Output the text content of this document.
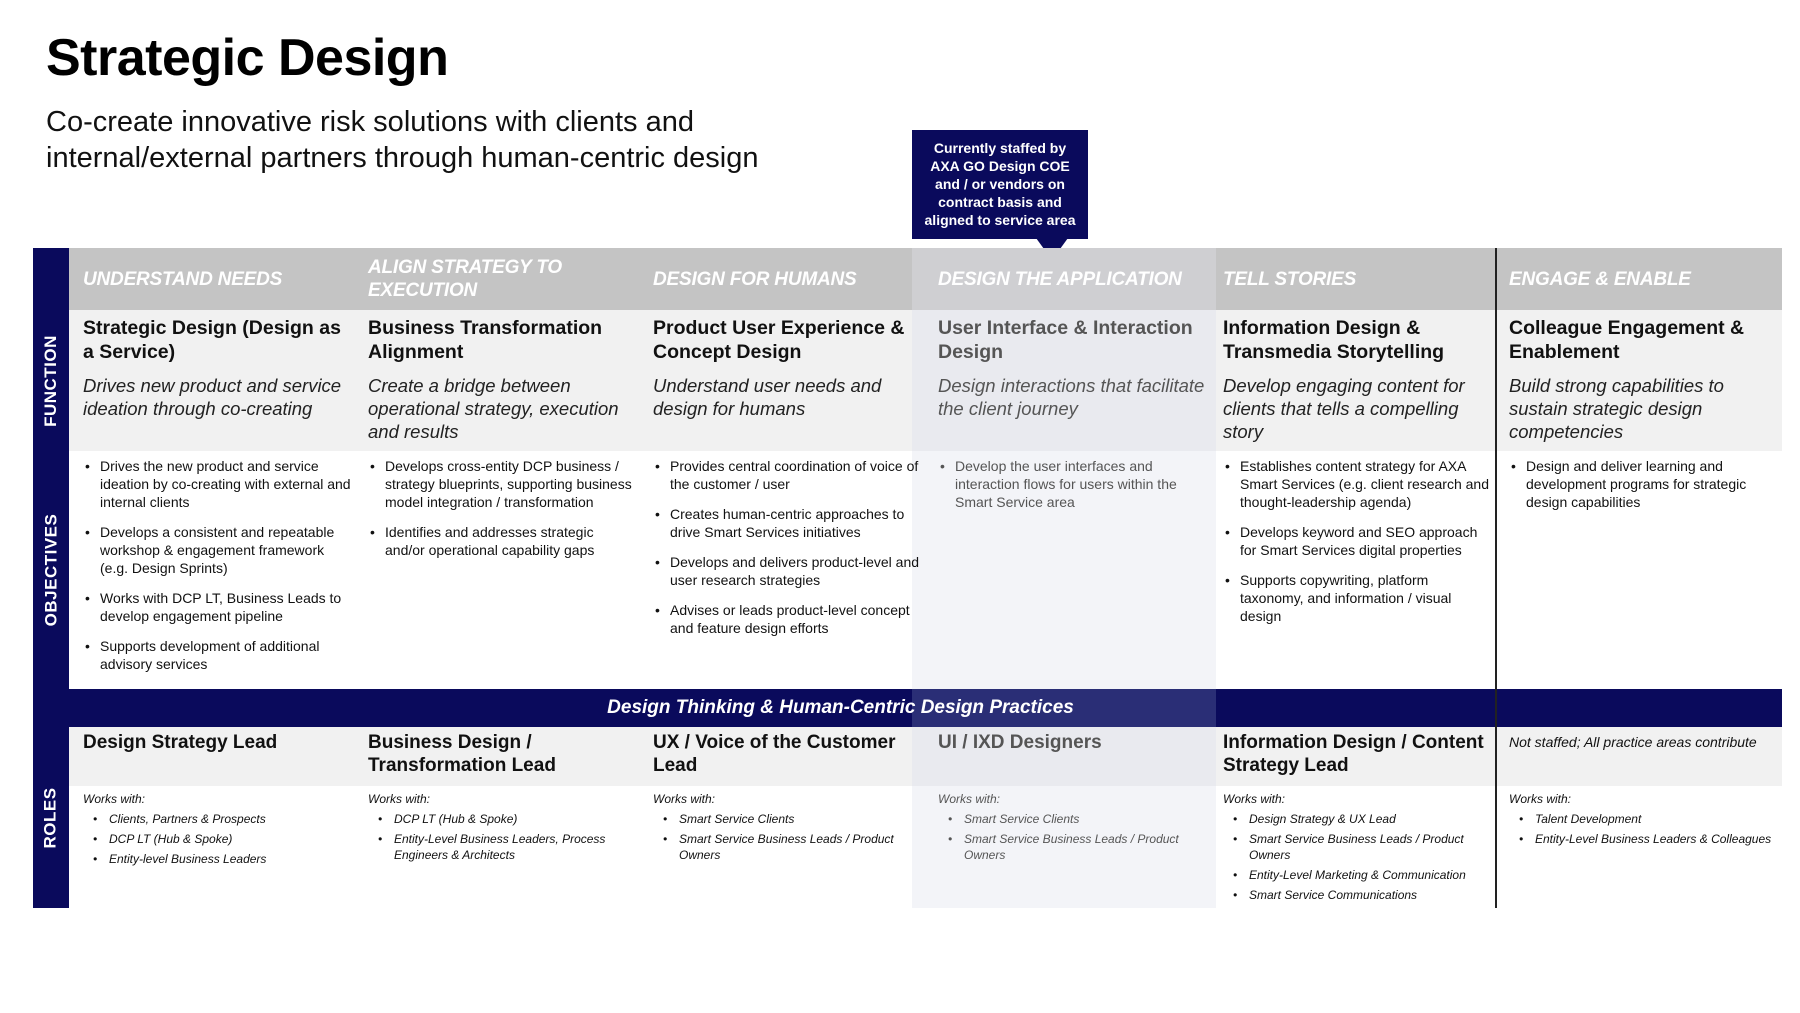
Strategic Design

Co-create innovative risk solutions with clients and internal/external partners through human-centric design	Currently staffed by AXA GO Design COE and / or vendors on contract basis and aligned to service area
Design Thinking & Human-Centric Design Practices
FUNCTION
OBJECTIVES
ROLES
UNDERSTAND NEEDS
Strategic Design (Design as a Service)
Drives new product and service ideation through co-creating
• Drives the new product and service ideation by co-creating with external and internal clients
• Develops a consistent and repeatable workshop & engagement framework (e.g. Design Sprints)
• Works with DCP LT, Business Leads to develop engagement pipeline
• Supports development of additional advisory services
Design Strategy Lead
Works with:
• Clients, Partners & Prospects
• DCP LT (Hub & Spoke)
• Entity-level Business Leaders
ALIGN STRATEGY TO EXECUTION
Business Transformation Alignment
Create a bridge between operational strategy, execution and results
• Develops cross-entity DCP business / strategy blueprints, supporting business model integration / transformation
• Identifies and addresses strategic and/or operational capability gaps
Business Design / Transformation Lead
Works with:
• DCP LT (Hub & Spoke)
• Entity-Level Business Leaders, Process Engineers & Architects
DESIGN FOR HUMANS
Product User Experience & Concept Design
Understand user needs and design for humans
• Provides central coordination of voice of the customer / user
• Creates human-centric approaches to drive Smart Services initiatives
• Develops and delivers product-level and user research strategies
• Advises or leads product-level concept and feature design efforts
UX / Voice of the Customer Lead
Works with:
• Smart Service Clients
• Smart Service Business Leads / Product Owners
DESIGN THE APPLICATION
User Interface & Interaction Design
Design interactions that facilitate the client journey
• Develop the user interfaces and interaction flows for users within the Smart Service area
UI / IXD Designers
Works with:
• Smart Service Clients
• Smart Service Business Leads / Product Owners
TELL STORIES
Information Design & Transmedia Storytelling
Develop engaging content for clients that tells a compelling story
• Establishes content strategy for AXA Smart Services (e.g. client research and thought-leadership agenda)
• Develops keyword and SEO approach for Smart Services digital properties
• Supports copywriting, platform taxonomy, and information / visual design
Information Design / Content Strategy Lead
Works with:
• Design Strategy & UX Lead
• Smart Service Business Leads / Product Owners
• Entity-Level Marketing & Communication
• Smart Service Communications
ENGAGE & ENABLE
Colleague Engagement & Enablement
Build strong capabilities to sustain strategic design competencies
• Design and deliver learning and development programs for strategic design capabilities
Not staffed; All practice areas contribute
Works with:
• Talent Development
• Entity-Level Business Leaders & Colleagues
